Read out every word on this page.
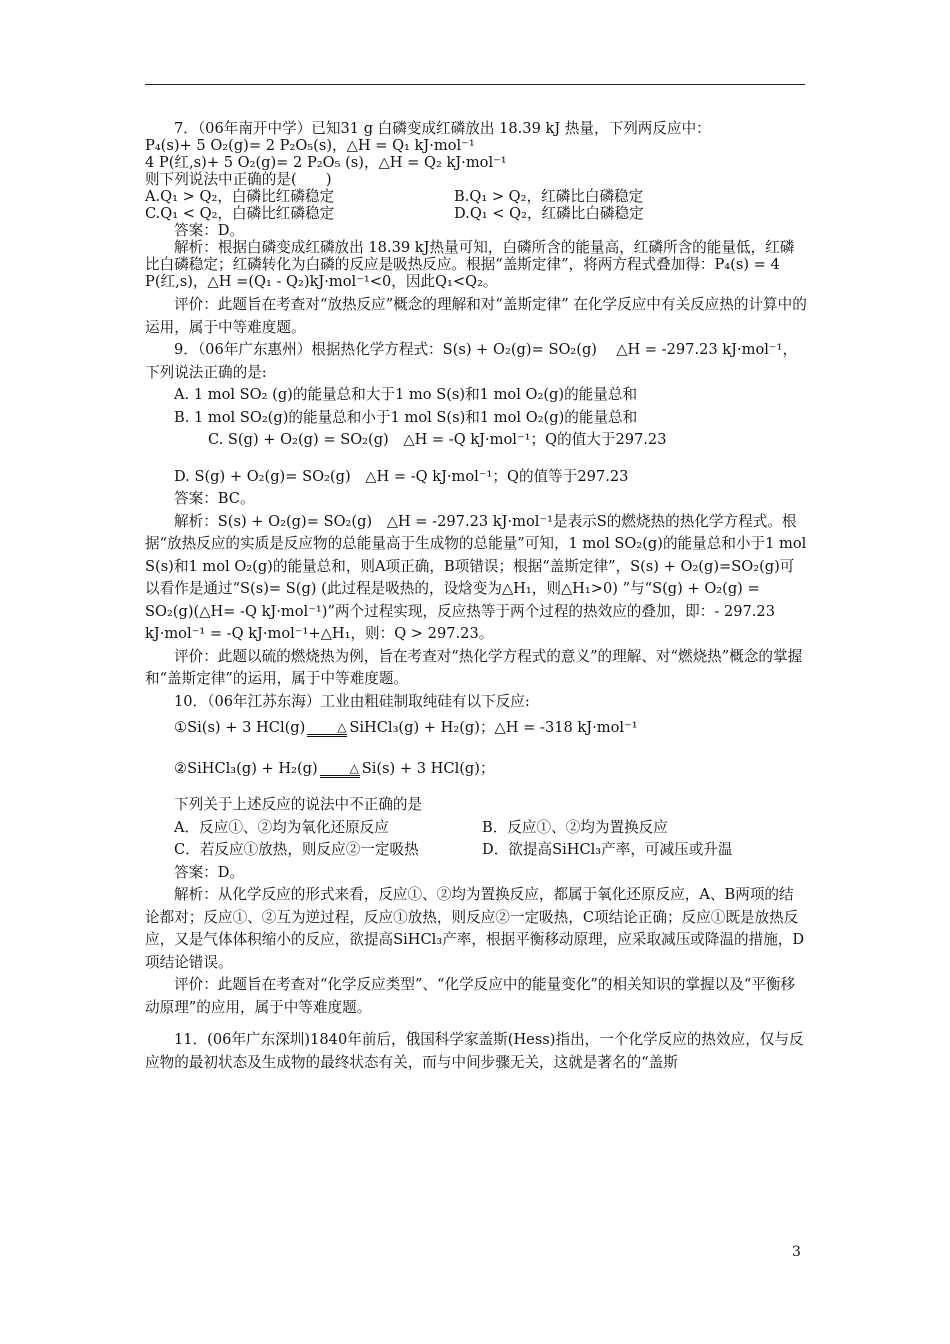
7．（06年南开中学）已知31 g 白磷变成红磷放出 18.39 kJ 热量，下列两反应中：

P₄(s)+ 5 O₂(g)= 2 P₂O₅(s)，△H = Q₁ kJ·mol⁻¹

4 P(红,s)+ 5 O₂(g)= 2 P₂O₅ (s)，△H = Q₂ kJ·mol⁻¹

则下列说法中正确的是(　　)

A.Q₁ > Q₂，白磷比红磷稳定	B.Q₁ > Q₂，红磷比白磷稳定
C.Q₁ < Q₂，白磷比红磷稳定	D.Q₁ < Q₂，红磷比白磷稳定

答案：D。

解析：根据白磷变成红磷放出 18.39 kJ热量可知，白磷所含的能量高，红磷所含的能量低，红磷比白磷稳定；红磷转化为白磷的反应是吸热反应。根据“盖斯定律”，将两方程式叠加得：P₄(s) = 4 P(红,s)，△H =(Q₁ - Q₂)kJ·mol⁻¹<0，因此Q₁<Q₂。

评价：此题旨在考查对“放热反应”概念的理解和对“盖斯定律” 在化学反应中有关反应热的计算中的运用，属于中等难度题。

9．（06年广东惠州）根据热化学方程式：S(s) + O₂(g)= SO₂(g)　 △H = -297.23 kJ·mol⁻¹，下列说法正确的是:

A. 1 mol SO₂ (g)的能量总和大于1 mo S(s)和1 mol O₂(g)的能量总和

B. 1 mol SO₂(g)的能量总和小于1 mol S(s)和1 mol O₂(g)的能量总和

C. S(g) + O₂(g) = SO₂(g)　△H = -Q kJ·mol⁻¹；Q的值大于297.23

D. S(g) + O₂(g)= SO₂(g)　△H = -Q kJ·mol⁻¹；Q的值等于297.23

答案：BC。

解析：S(s) + O₂(g)= SO₂(g)　△H = -297.23 kJ·mol⁻¹是表示S的燃烧热的热化学方程式。根据“放热反应的实质是反应物的总能量高于生成物的总能量”可知，1 mol SO₂(g)的能量总和小于1 mol S(s)和1 mol O₂(g)的能量总和，则A项正确，B项错误；根据“盖斯定律”，S(s) + O₂(g)=SO₂(g)可以看作是通过“S(s)= S(g) (此过程是吸热的，设焓变为△H₁，则△H₁>0) ”与“S(g) + O₂(g) = SO₂(g)(△H= -Q kJ·mol⁻¹)”两个过程实现，反应热等于两个过程的热效应的叠加，即：- 297.23 kJ·mol⁻¹ = -Q kJ·mol⁻¹+△H₁，则：Q > 297.23。

评价：此题以硫的燃烧热为例，旨在考查对“热化学方程式的意义”的理解、对“燃烧热”概念的掌握和“盖斯定律”的运用，属于中等难度题。

10．（06年江苏东海）工业由粗硅制取纯硅有以下反应:

①Si(s) + 3 HCl(g)	△ SiHCl₃(g) + H₂(g)；△H = -318 kJ·mol⁻¹

②SiHCl₃(g) + H₂(g)	△ Si(s) + 3 HCl(g)；

下列关于上述反应的说法中不正确的是

A．反应①、②均为氧化还原反应	B．反应①、②均为置换反应
C．若反应①放热，则反应②一定吸热	D．欲提高SiHCl₃产率，可减压或升温

答案：D。

解析：从化学反应的形式来看，反应①、②均为置换反应，都属于氧化还原反应，A、B两项的结论都对；反应①、②互为逆过程，反应①放热，则反应②一定吸热，C项结论正确；反应①既是放热反应，又是气体体积缩小的反应，欲提高SiHCl₃产率，根据平衡移动原理，应采取减压或降温的措施，D项结论错误。

评价：此题旨在考查对“化学反应类型”、“化学反应中的能量变化”的相关知识的掌握以及“平衡移动原理”的应用，属于中等难度题。

11．(06年广东深圳)1840年前后，俄国科学家盖斯(Hess)指出，一个化学反应的热效应，仅与反应物的最初状态及生成物的最终状态有关，而与中间步骤无关，这就是著名的“盖斯

3
